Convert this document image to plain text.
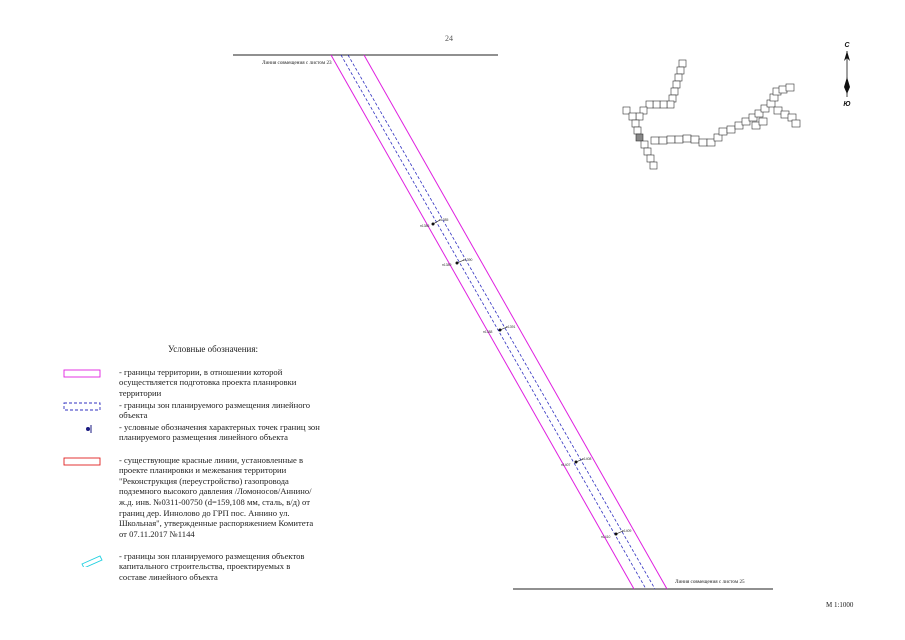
24
Линия совмещения с листом 23
Линия совмещения с листом 25
н1386
н1385
н1389
н1390
н1388
н1391
н1407
н1408
н1410
н1409
С
Ю
М 1:1000
Условные обозначения:
- границы территории, в отношении которой осуществляется подготовка проекта планировки территории
- границы зон планируемого размещения линейного объекта
- условные обозначения характерных точек границ зон планируемого размещения линейного объекта
- существующие красные линии, установленные в проекте планировки и межевания территории "Реконструкция (переустройство) газопровода подземного высокого давления /Ломоносов/Аннино/ ж.д. инв. №0311-00750 (d=159,108 мм, сталь, в/д) от границ дер. Иннолово до ГРП пос. Аннино ул. Школьная", утвержденные распоряжением Комитета от 07.11.2017 №1144
- границы зон планируемого размещения объектов капитального строительства, проектируемых в составе линейного объекта
